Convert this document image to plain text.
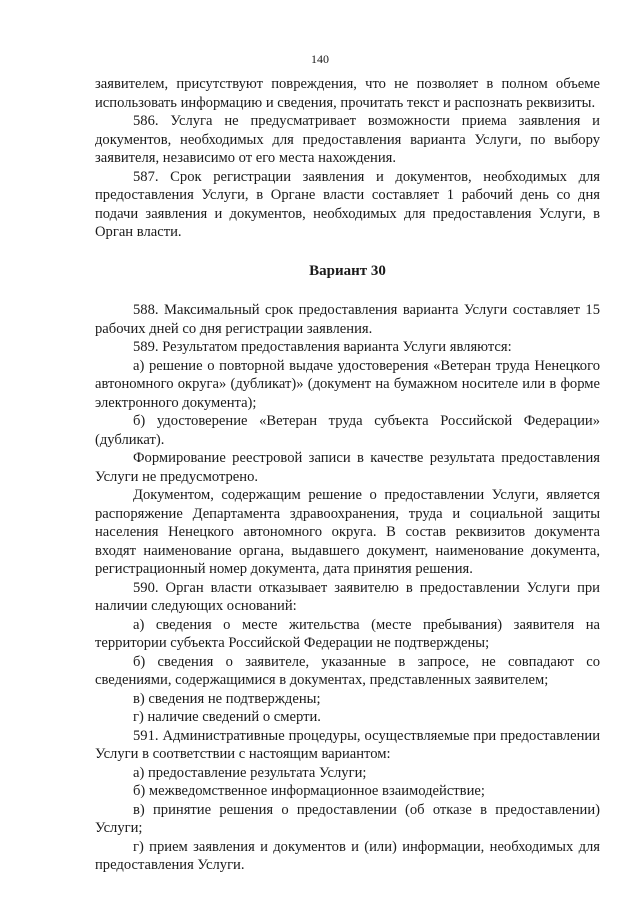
140

заявителем, присутствуют повреждения, что не позволяет в полном объеме использовать информацию и сведения, прочитать текст и распознать реквизиты.

586. Услуга не предусматривает возможности приема заявления и документов, необходимых для предоставления варианта Услуги, по выбору заявителя, независимо от его места нахождения.

587. Срок регистрации заявления и документов, необходимых для предоставления Услуги, в Органе власти составляет 1 рабочий день со дня подачи заявления и документов, необходимых для предоставления Услуги, в Орган власти.

Вариант 30

588. Максимальный срок предоставления варианта Услуги составляет 15 рабочих дней со дня регистрации заявления.

589. Результатом предоставления варианта Услуги являются:

а) решение о повторной выдаче удостоверения «Ветеран труда Ненецкого автономного округа» (дубликат)» (документ на бумажном носителе или в форме электронного документа);

б) удостоверение «Ветеран труда субъекта Российской Федерации» (дубликат).

Формирование реестровой записи в качестве результата предоставления Услуги не предусмотрено.

Документом, содержащим решение о предоставлении Услуги, является распоряжение Департамента здравоохранения, труда и социальной защиты населения Ненецкого автономного округа. В состав реквизитов документа входят наименование органа, выдавшего документ, наименование документа, регистрационный номер документа, дата принятия решения.

590. Орган власти отказывает заявителю в предоставлении Услуги при наличии следующих оснований:

а) сведения о месте жительства (месте пребывания) заявителя на территории субъекта Российской Федерации не подтверждены;

б) сведения о заявителе, указанные в запросе, не совпадают со сведениями, содержащимися в документах, представленных заявителем;

в) сведения не подтверждены;

г) наличие сведений о смерти.

591. Административные процедуры, осуществляемые при предоставлении Услуги в соответствии с настоящим вариантом:

а) предоставление результата Услуги;

б) межведомственное информационное взаимодействие;

в) принятие решения о предоставлении (об отказе в предоставлении) Услуги;

г) прием заявления и документов и (или) информации, необходимых для предоставления Услуги.
